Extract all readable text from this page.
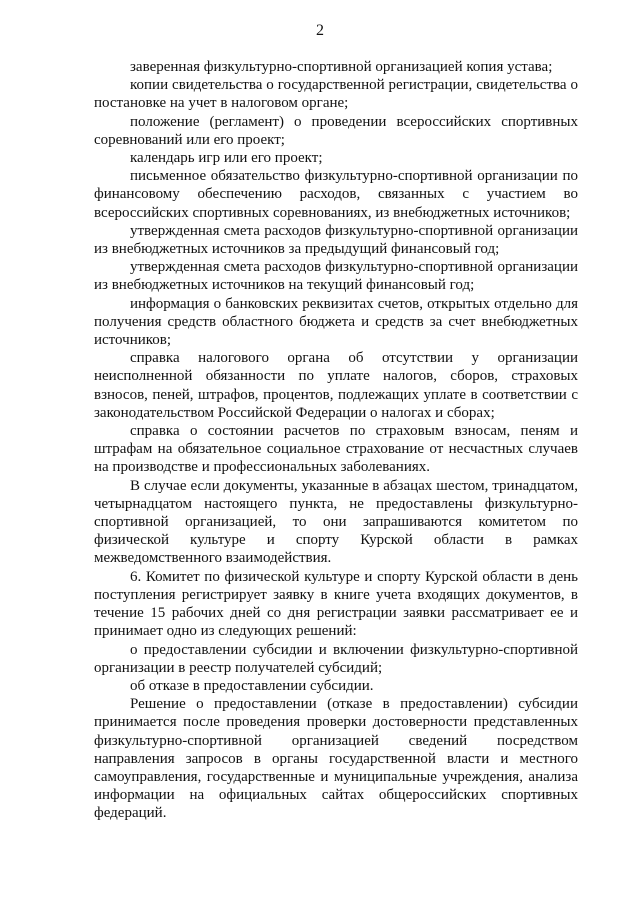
2

заверенная физкультурно-спортивной организацией копия устава;

копии свидетельства о государственной регистрации, свидетельства о постановке на учет в налоговом органе;

положение (регламент) о проведении всероссийских спортивных соревнований или его проект;

календарь игр или его проект;

письменное обязательство физкультурно-спортивной организации по финансовому обеспечению расходов, связанных с участием во всероссийских спортивных соревнованиях, из внебюджетных источников;

утвержденная смета расходов физкультурно-спортивной организации из внебюджетных источников за предыдущий финансовый год;

утвержденная смета расходов физкультурно-спортивной организации из внебюджетных источников на текущий финансовый год;

информация о банковских реквизитах счетов, открытых отдельно для получения средств областного бюджета и средств за счет внебюджетных источников;

справка налогового органа об отсутствии у организации неисполненной обязанности по уплате налогов, сборов, страховых взносов, пеней, штрафов, процентов, подлежащих уплате в соответствии с законодательством Российской Федерации о налогах и сборах;

справка о состоянии расчетов по страховым взносам, пеням и штрафам на обязательное социальное страхование от несчастных случаев на производстве и профессиональных заболеваниях.

В случае если документы, указанные в абзацах шестом, тринадцатом, четырнадцатом настоящего пункта, не предоставлены физкультурно-спортивной организацией, то они запрашиваются комитетом по физической культуре и спорту Курской области в рамках межведомственного взаимодействия.

6. Комитет по физической культуре и спорту Курской области в день поступления регистрирует заявку в книге учета входящих документов, в течение 15 рабочих дней со дня регистрации заявки рассматривает ее и принимает одно из следующих решений:

о предоставлении субсидии и включении физкультурно-спортивной организации в реестр получателей субсидий;

об отказе в предоставлении субсидии.

Решение о предоставлении (отказе в предоставлении) субсидии принимается после проведения проверки достоверности представленных физкультурно-спортивной организацией сведений посредством направления запросов в органы государственной власти и местного самоуправления, государственные и муниципальные учреждения, анализа информации на официальных сайтах общероссийских спортивных федераций.
